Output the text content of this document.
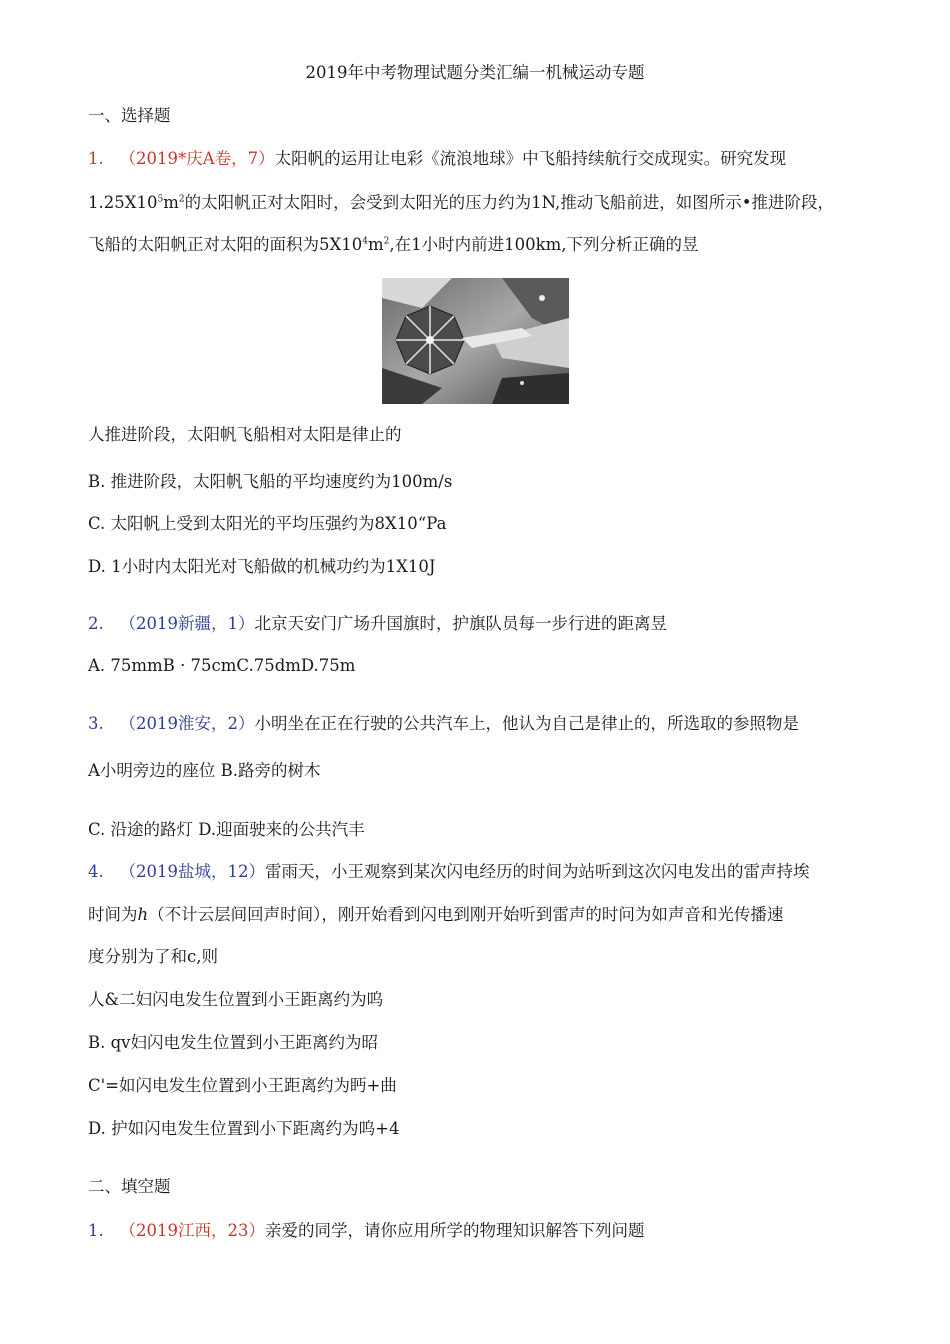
2019年中考物理试题分类汇编一机械运动专题
一、选择题
1. （2019*庆A卷，7）太阳帆的运用让电彩《流浪地球》中飞船持续航行交成现实。研究发现
$1.25X10^5m^2$的太阳帆正对太阳时，会受到太阳光的压力约为1N,推动飞船前进，如图所示•推进阶段，
飞船的太阳帆正对太阳的面积为$5X10^4m^2$,在1小时内前进100km,下列分析正确的昱
人推进阶段，太阳帆飞船相对太阳是律止的
B. 推进阶段，太阳帆飞船的平均速度约为100m/s
C. 太阳帆上受到太阳光的平均压强约为8X10“Pa
D. 1小时内太阳光对飞船做的机械功约为1X10J
2. （2019新疆，1）北京天安门广场升国旗时，护旗队员每一步行进的距离昱
A. 75mmB · 75cmC.75dmD.75m
3. （2019淮安，2）小明坐在正在行驶的公共汽车上，他认为自己是律止的，所选取的参照物是
A小明旁边的座位 B.路旁的树木
C. 沿途的路灯 D.迎面驶来的公共汽丰
4. （2019盐城，12）雷雨天，小王观察到某次闪电经历的时间为站听到这次闪电发出的雷声持埃
时间为h（不计云层间回声时间），刚开始看到闪电到刚开始听到雷声的时问为如声音和光传播速
度分别为了和c,则
人&二妇闪电发生位置到小王距离约为呜
B. qv妇闪电发生位置到小王距离约为昭
C'=如闪电发生位置到小王距离约为眄+曲
D. 护如闪电发生位置到小下距离约为呜+4
二、填空题
1. （2019江西，23）亲爱的同学，请你应用所学的物理知识解答下列问题
